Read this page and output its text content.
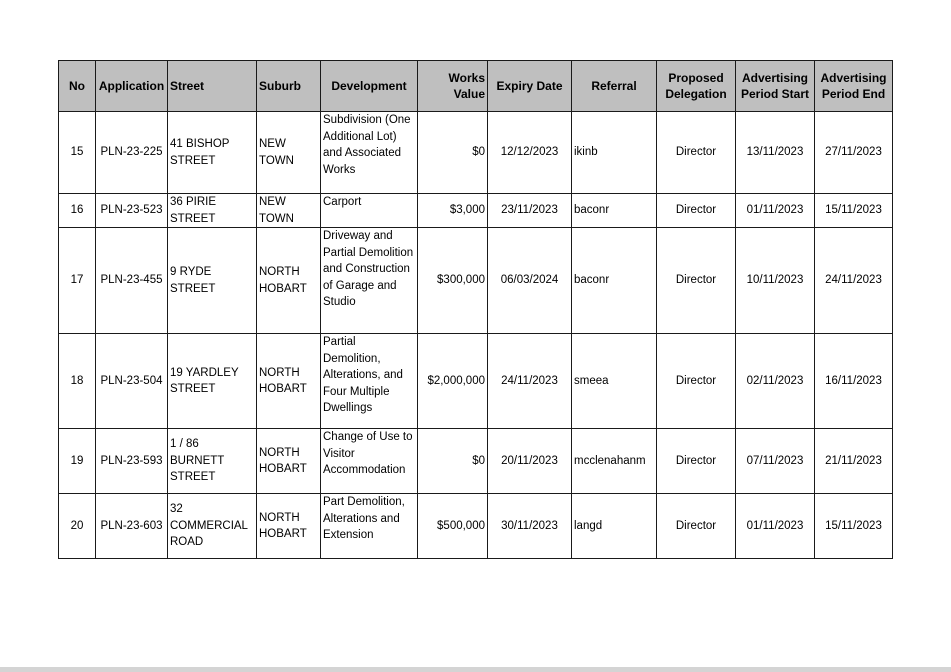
No	Application	Street	Suburb	Development	Works Value	Expiry Date	Referral	Proposed Delegation	Advertising Period Start	Advertising Period End
15	PLN-23-225	41 BISHOP STREET	NEW TOWN	Subdivision (One Additional Lot) and Associated Works	$0	12/12/2023	ikinb	Director	13/11/2023	27/11/2023
16	PLN-23-523	36 PIRIE STREET	NEW TOWN	Carport	$3,000	23/11/2023	baconr	Director	01/11/2023	15/11/2023
17	PLN-23-455	9 RYDE STREET	NORTH HOBART	Driveway and Partial Demolition and Construction of Garage and Studio	$300,000	06/03/2024	baconr	Director	10/11/2023	24/11/2023
18	PLN-23-504	19 YARDLEY STREET	NORTH HOBART	Partial Demolition, Alterations, and Four Multiple Dwellings	$2,000,000	24/11/2023	smeea	Director	02/11/2023	16/11/2023
19	PLN-23-593	1 / 86 BURNETT STREET	NORTH HOBART	Change of Use to Visitor Accommodation	$0	20/11/2023	mcclenahanm	Director	07/11/2023	21/11/2023
20	PLN-23-603	32 COMMERCIAL ROAD	NORTH HOBART	Part Demolition, Alterations and Extension	$500,000	30/11/2023	langd	Director	01/11/2023	15/11/2023
